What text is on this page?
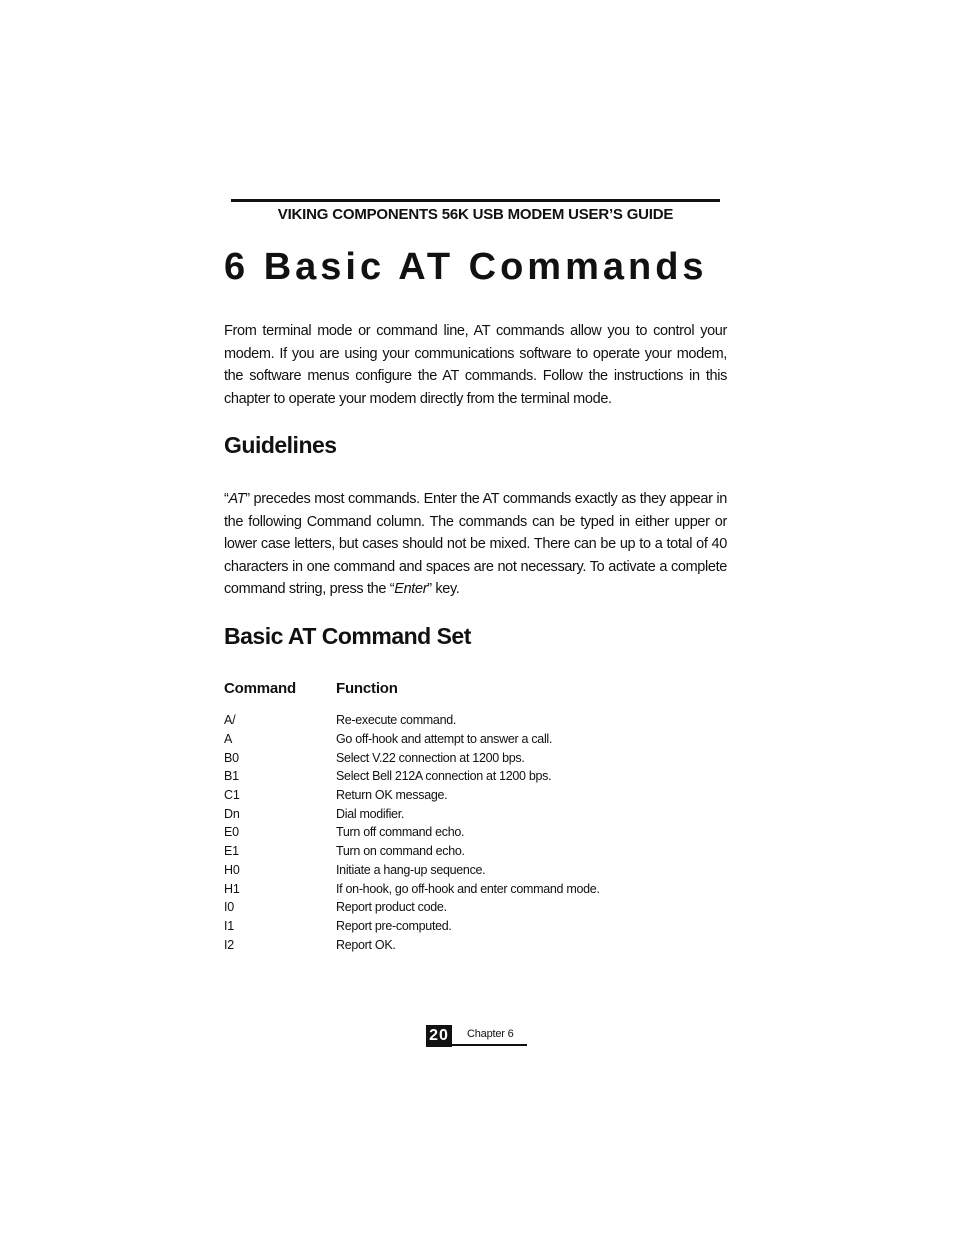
VIKING COMPONENTS 56K USB MODEM USER’S GUIDE
6 Basic AT Commands

From terminal mode or command line, AT commands allow you to control your modem. If you are using your communications software to operate your modem, the software menus configure the AT commands. Follow the instructions in this chapter to operate your modem directly from the terminal mode.

Guidelines

“AT” precedes most commands. Enter the AT commands exactly as they appear in the following Command column. The commands can be typed in either upper or lower case letters, but cases should not be mixed. There can be up to a total of 40 characters in one command and spaces are not necessary. To activate a complete command string, press the “Enter” key.

Basic AT Command Set
Command	Function
A/	Re-execute command.
A	Go off-hook and attempt to answer a call.
B0	Select V.22 connection at 1200 bps.
B1	Select Bell 212A connection at 1200 bps.
C1	Return OK message.
Dn	Dial modifier.
E0	Turn off command echo.
E1	Turn on command echo.
H0	Initiate a hang-up sequence.
H1	If on-hook, go off-hook and enter command mode.
I0	Report product code.
I1	Report pre-computed.
I2	Report OK.
20 Chapter 6
